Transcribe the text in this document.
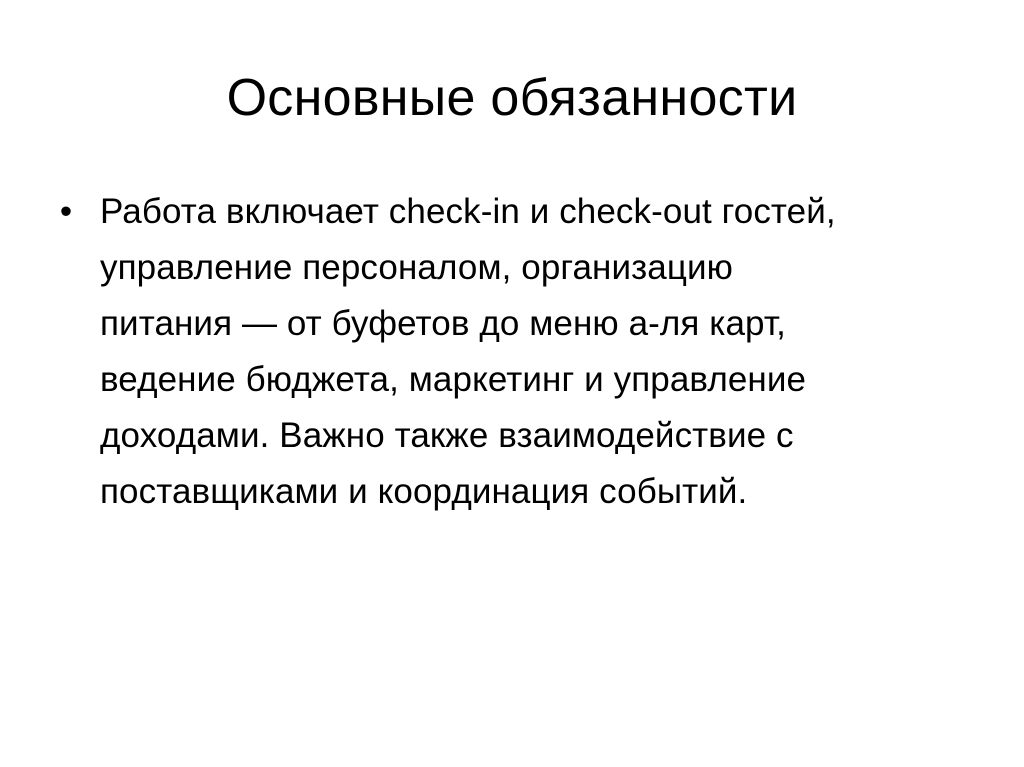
Основные обязанности
• Работа включает check-in и check-out гостей,
управление персоналом, организацию
питания — от буфетов до меню а-ля карт,
ведение бюджета, маркетинг и управление
доходами. Важно также взаимодействие с
поставщиками и координация событий.
